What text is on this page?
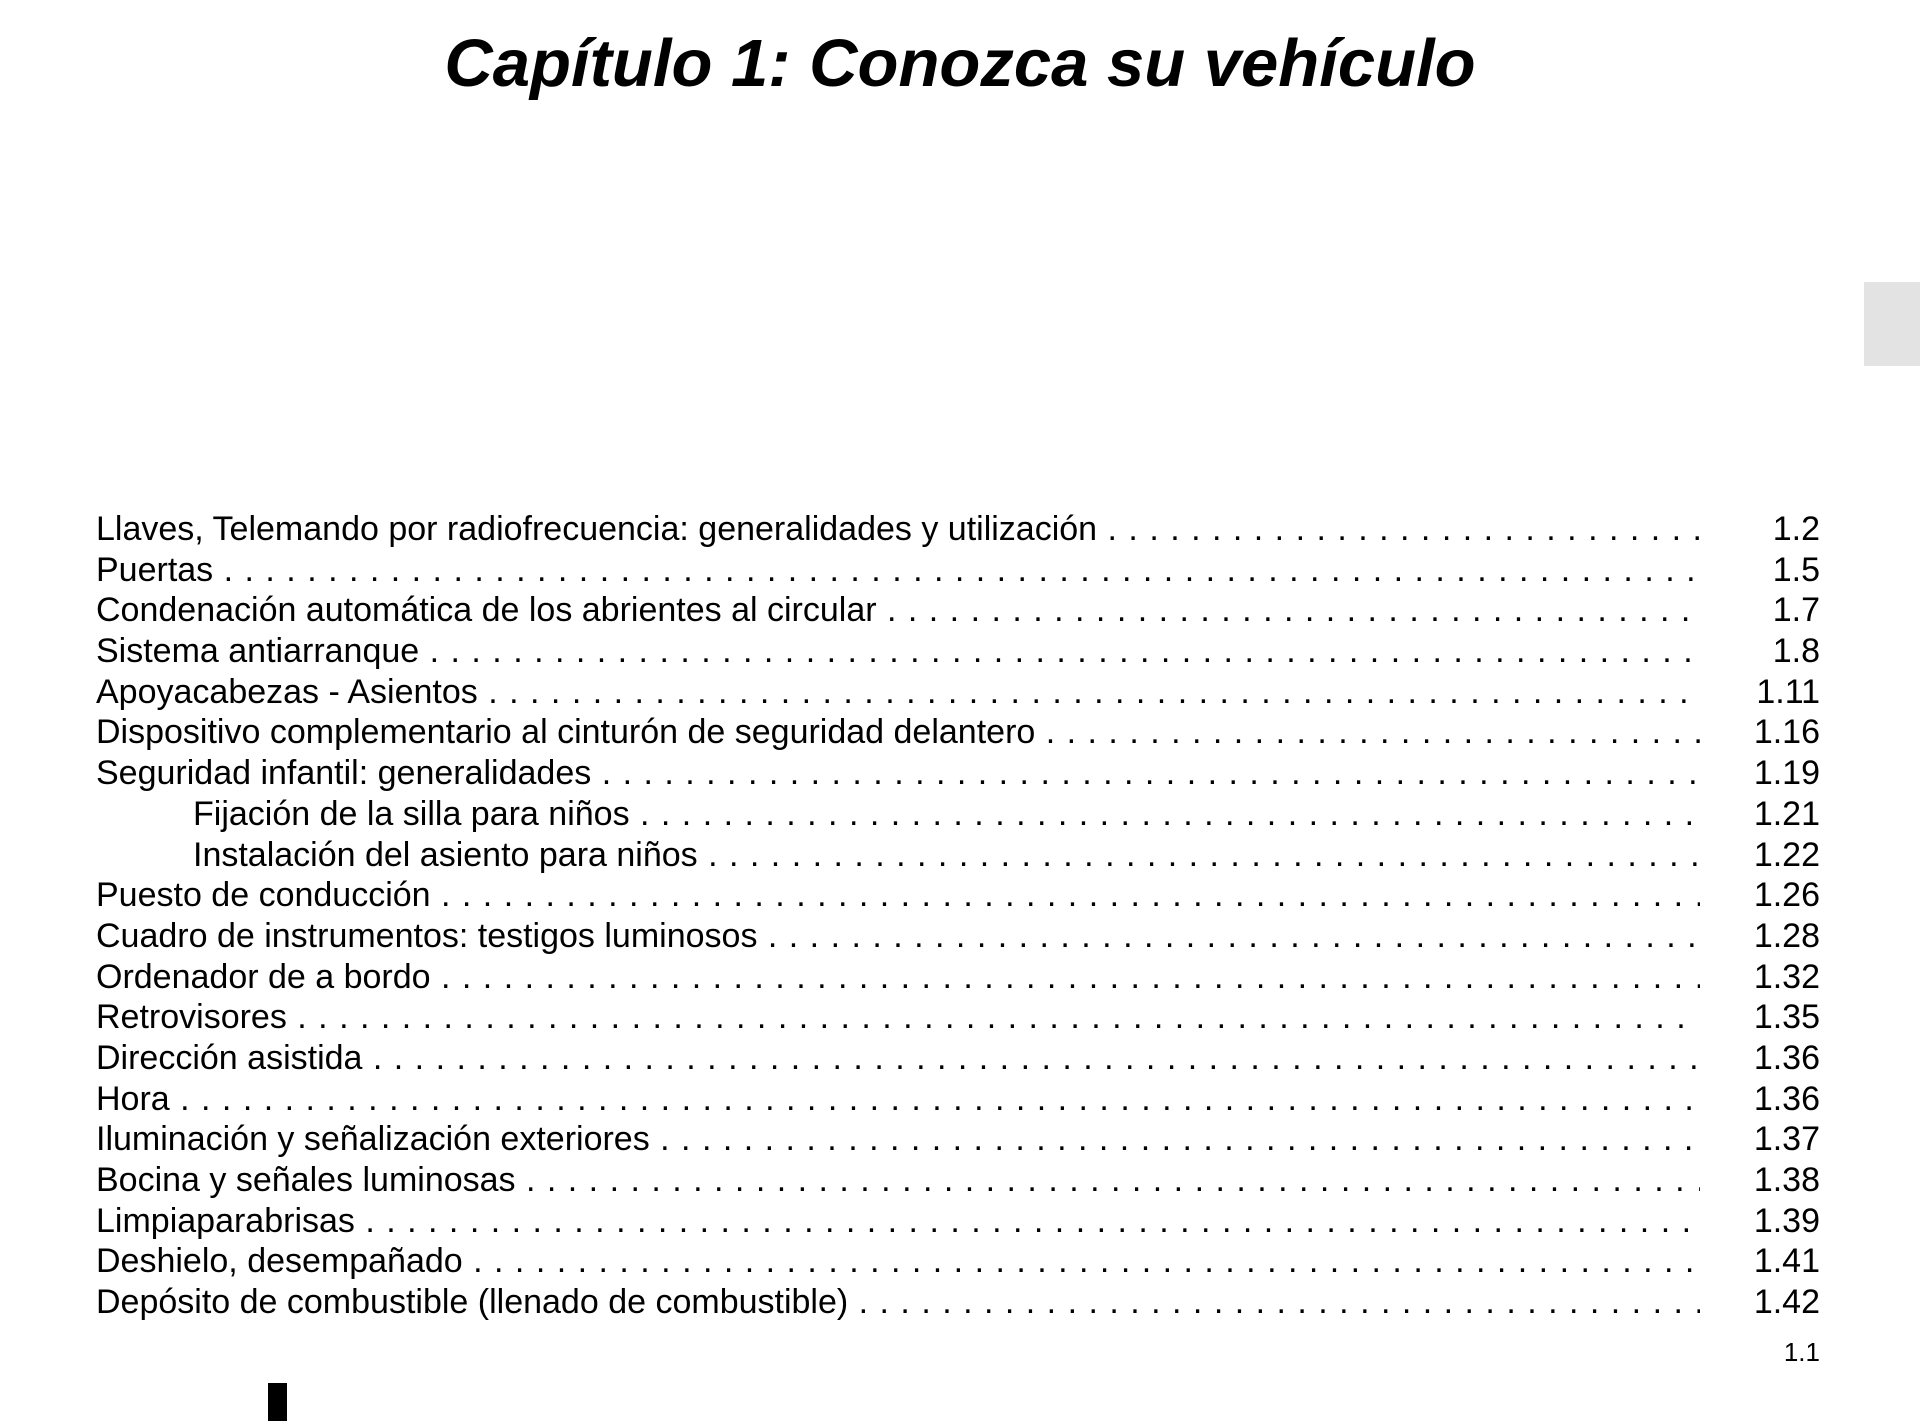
Capítulo 1: Conozca su vehículo
Llaves, Telemando por radiofrecuencia: generalidades y utilización . . .	1.2
Puertas . . .	1.5
Condenación automática de los abrientes al circular . . .	1.7
Sistema antiarranque . . .	1.8
Apoyacabezas - Asientos . . .	1.11
Dispositivo complementario al cinturón de seguridad delantero . . .	1.16
Seguridad infantil: generalidades . . .	1.19
Fijación de la silla para niños . . .	1.21
Instalación del asiento para niños . . .	1.22
Puesto de conducción . . .	1.26
Cuadro de instrumentos: testigos luminosos . . .	1.28
Ordenador de a bordo . . .	1.32
Retrovisores . . .	1.35
Dirección asistida . . .	1.36
Hora . . .	1.36
Iluminación y señalización exteriores . . .	1.37
Bocina y señales luminosas . . .	1.38
Limpiaparabrisas . . .	1.39
Deshielo, desempañado . . .	1.41
Depósito de combustible (llenado de combustible) . . .	1.42
1.1
